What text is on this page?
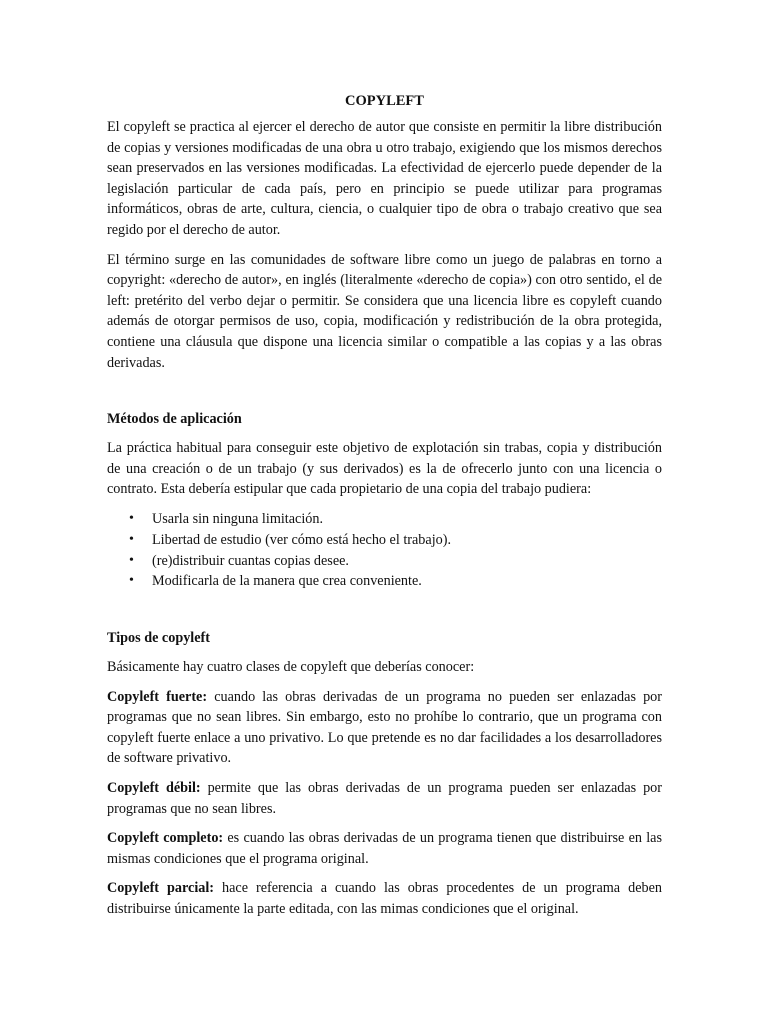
COPYLEFT

El copyleft se practica al ejercer el derecho de autor que consiste en permitir la libre distribución de copias y versiones modificadas de una obra u otro trabajo, exigiendo que los mismos derechos sean preservados en las versiones modificadas. La efectividad de ejercerlo puede depender de la legislación particular de cada país, pero en principio se puede utilizar para programas informáticos, obras de arte, cultura, ciencia, o cualquier tipo de obra o trabajo creativo que sea regido por el derecho de autor.

El término surge en las comunidades de software libre como un juego de palabras en torno a copyright: «derecho de autor», en inglés (literalmente «derecho de copia») con otro sentido, el de left: pretérito del verbo dejar o permitir. Se considera que una licencia libre es copyleft cuando además de otorgar permisos de uso, copia, modificación y redistribución de la obra protegida, contiene una cláusula que dispone una licencia similar o compatible a las copias y a las obras derivadas.

Métodos de aplicación

La práctica habitual para conseguir este objetivo de explotación sin trabas, copia y distribución de una creación o de un trabajo (y sus derivados) es la de ofrecerlo junto con una licencia o contrato. Esta debería estipular que cada propietario de una copia del trabajo pudiera:

• Usarla sin ninguna limitación.
• Libertad de estudio (ver cómo está hecho el trabajo).
• (re)distribuir cuantas copias desee.
• Modificarla de la manera que crea conveniente.
Tipos de copyleft

Básicamente hay cuatro clases de copyleft que deberías conocer:

Copyleft fuerte: cuando las obras derivadas de un programa no pueden ser enlazadas por programas que no sean libres. Sin embargo, esto no prohíbe lo contrario, que un programa con copyleft fuerte enlace a uno privativo. Lo que pretende es no dar facilidades a los desarrolladores de software privativo.

Copyleft débil: permite que las obras derivadas de un programa pueden ser enlazadas por programas que no sean libres.

Copyleft completo: es cuando las obras derivadas de un programa tienen que distribuirse en las mismas condiciones que el programa original.

Copyleft parcial: hace referencia a cuando las obras procedentes de un programa deben distribuirse únicamente la parte editada, con las mimas condiciones que el original.
